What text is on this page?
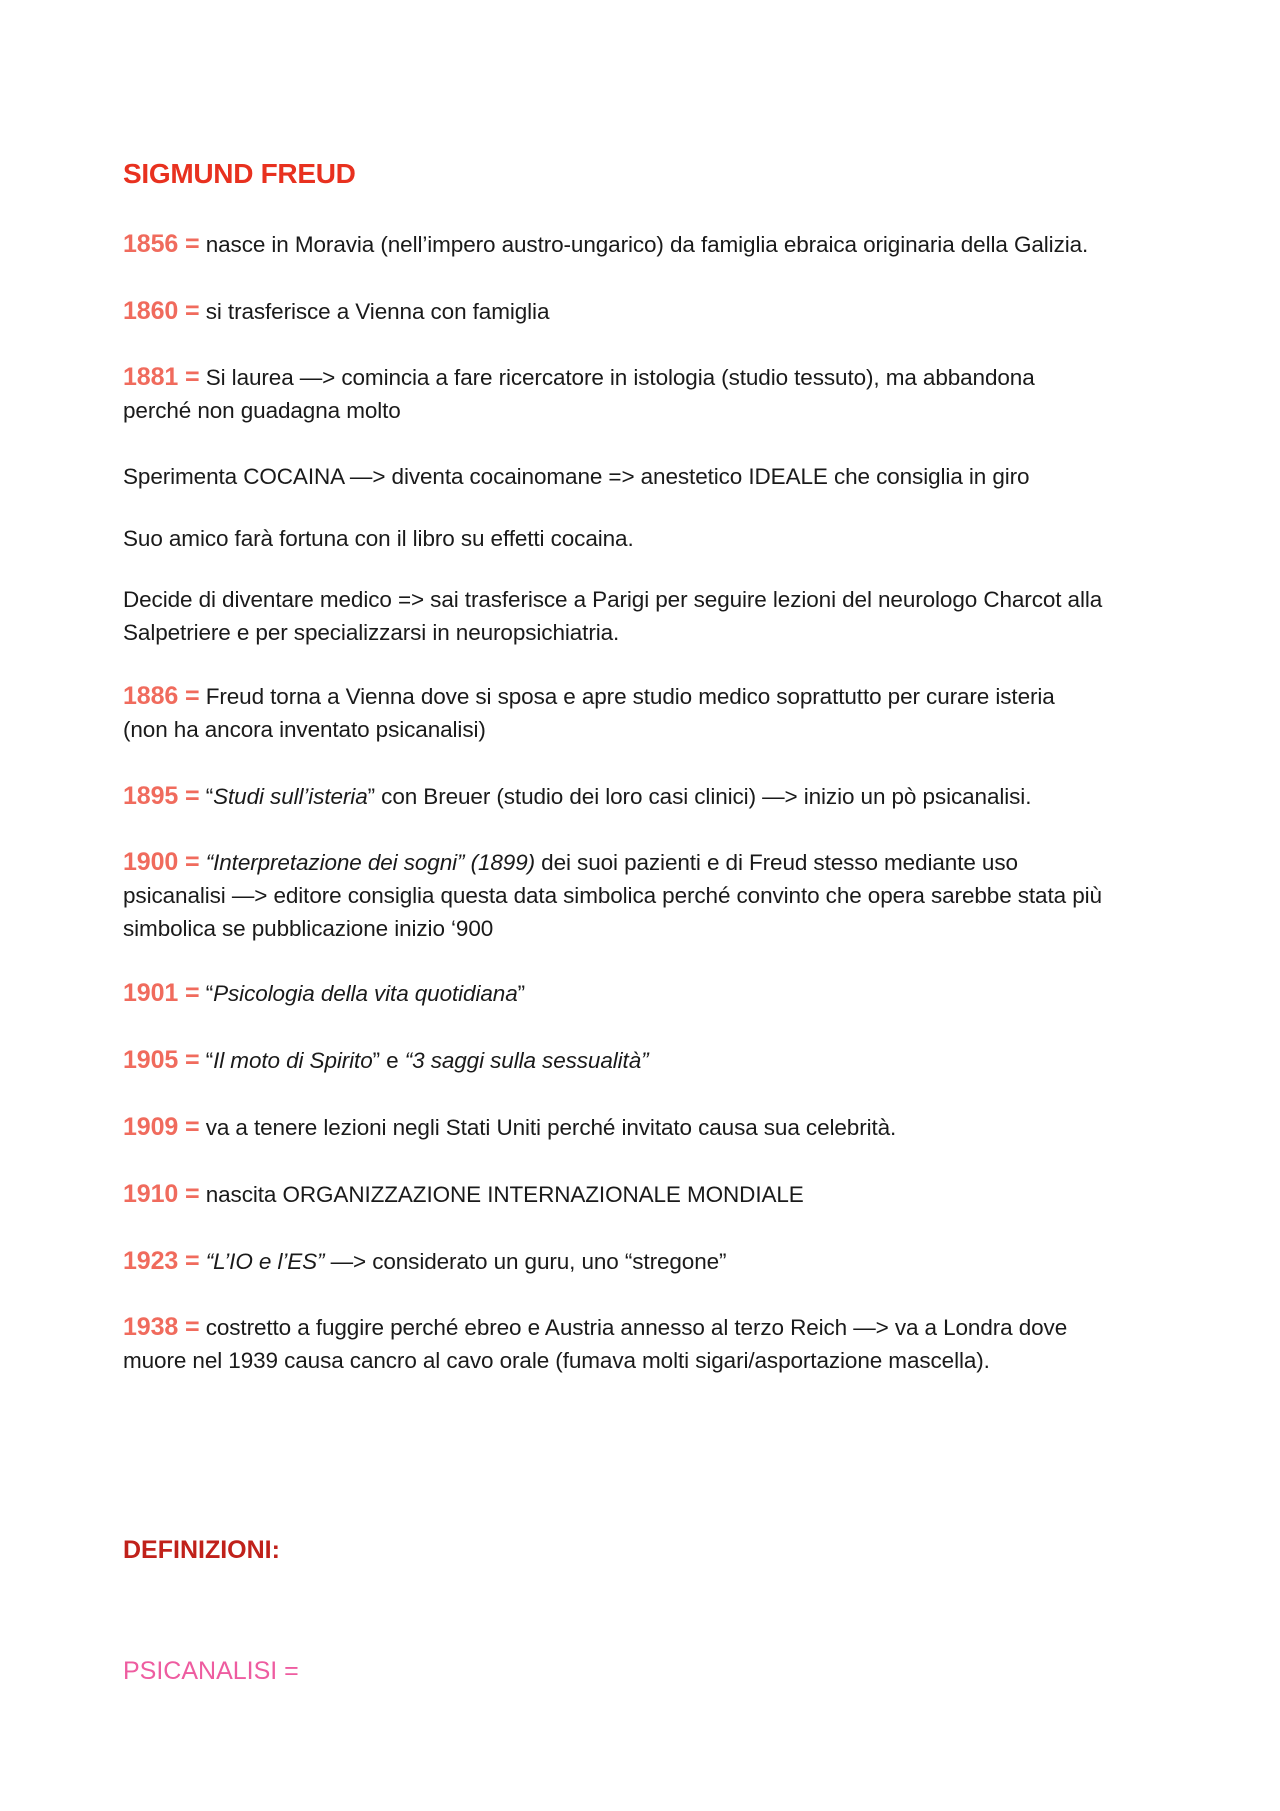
SIGMUND FREUD
1856 = nasce in Moravia (nell’impero austro-ungarico) da famiglia ebraica originaria della Galizia.
1860 = si trasferisce a Vienna con famiglia
1881 = Si laurea —> comincia a fare ricercatore in istologia (studio tessuto), ma abbandona
perché non guadagna molto
Sperimenta COCAINA —> diventa cocainomane => anestetico IDEALE che consiglia in giro
Suo amico farà fortuna con il libro su effetti cocaina.
Decide di diventare medico => sai trasferisce a Parigi per seguire lezioni del neurologo Charcot alla
Salpetriere e per specializzarsi in neuropsichiatria.
1886 = Freud torna a Vienna dove si sposa e apre studio medico soprattutto per curare isteria
(non ha ancora inventato psicanalisi)
1895 = “Studi sull’isteria” con Breuer (studio dei loro casi clinici) —> inizio un pò psicanalisi.
1900 = “Interpretazione dei sogni” (1899) dei suoi pazienti e di Freud stesso mediante uso
psicanalisi —> editore consiglia questa data simbolica perché convinto che opera sarebbe stata più
simbolica se pubblicazione inizio ‘900
1901 = “Psicologia della vita quotidiana”
1905 = “Il moto di Spirito” e “3 saggi sulla sessualità”
1909 = va a tenere lezioni negli Stati Uniti perché invitato causa sua celebrità.
1910 = nascita ORGANIZZAZIONE INTERNAZIONALE MONDIALE
1923 = “L’IO e l’ES” —> considerato un guru, uno “stregone”
1938 = costretto a fuggire perché ebreo e Austria annesso al terzo Reich —> va a Londra dove
muore nel 1939 causa cancro al cavo orale (fumava molti sigari/asportazione mascella).
DEFINIZIONI:
PSICANALISI =
